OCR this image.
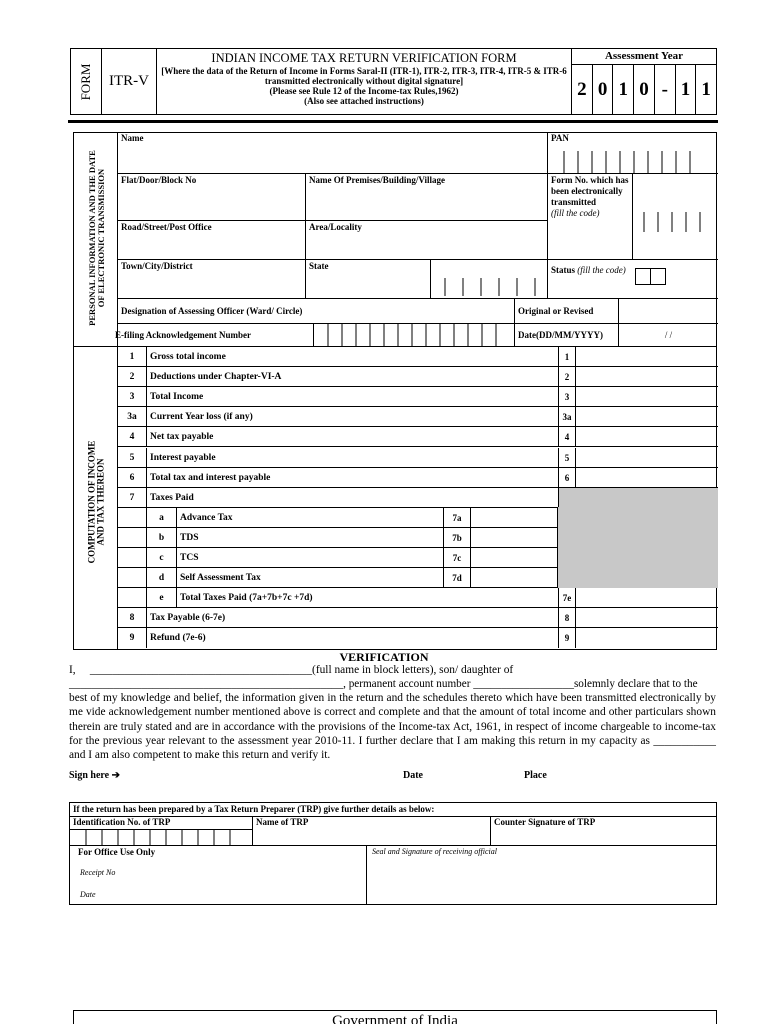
FORM	ITR-V
INDIAN INCOME TAX RETURN VERIFICATION FORM
[Where the data of the Return of Income in Forms Saral-II (ITR-1), ITR-2, ITR-3, ITR-4, ITR-5 & ITR-6 transmitted electronically without digital signature]
(Please see Rule 12 of the Income-tax Rules,1962)
(Also see attached instructions)
Assessment Year
2 0 1 0 - 1 1
PERSONAL INFORMATION AND THE DATE OF ELECTRONIC TRANSMISSION
Name	PAN
Flat/Door/Block No	Name Of Premises/Building/Village	Form No. which has been electronically transmitted
(fill the code)
Road/Street/Post Office	Area/Locality
Town/City/District	State	Status (fill the code)
Designation of Assessing Officer (Ward/ Circle)	Original or Revised
E-filing Acknowledgement Number	Date(DD/MM/YYYY)	/ /
COMPUTATION OF INCOME AND TAX THEREON
1	Gross total income	1
2	Deductions under Chapter-VI-A	2
3	Total Income	3
3a	Current Year loss (if any)	3a
4	Net tax payable	4
5	Interest payable	5
6	Total tax and interest payable	6
7	Taxes Paid
a	Advance Tax	7a
b	TDS	7b
c	TCS	7c
d	Self Assessment Tax	7d
e	Total Taxes Paid (7a+7b+7c +7d)	7e
8	Tax Payable (6-7e)	8
9	Refund (7e-6)	9
VERIFICATION
I, _______________________________________(full name in block letters), son/ daughter of
_________________________________________________, permanent account number __________________solemnly declare that to the
best of my knowledge and belief, the information given in the return and the schedules thereto which have been transmitted electronically by me vide acknowledgement number mentioned above is correct and complete and that the amount of total income and other particulars shown therein are truly stated and are in accordance with the provisions of the Income-tax Act, 1961, in respect of income chargeable to income-tax for the previous year relevant to the assessment year 2010-11. I further declare that I am making this return in my capacity as ___________ and I am also competent to make this return and verify it.
Sign here ➔	Date	Place
If the return has been prepared by a Tax Return Preparer (TRP) give further details as below:
Identification No. of TRP	Name of TRP	Counter Signature of TRP
For Office Use Only
Receipt No
Date
Seal and Signature of receiving official
Government of India
